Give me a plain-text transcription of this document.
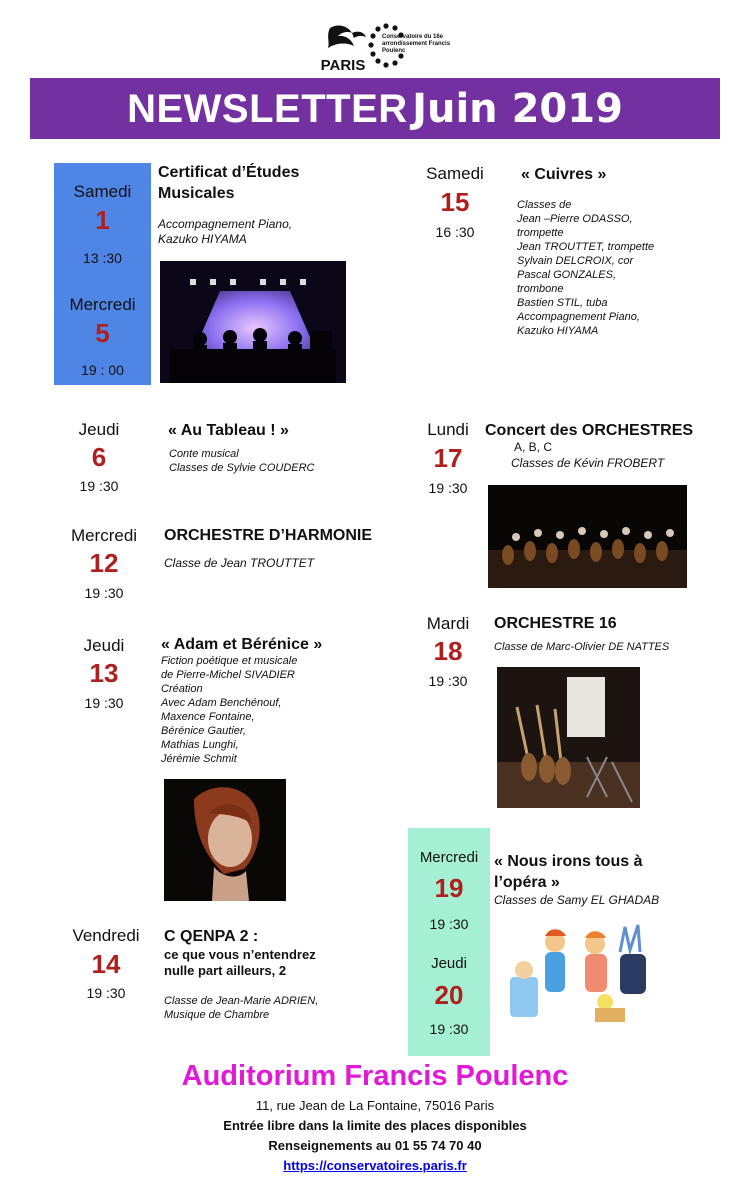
PARIS
Conservatoire du 16e arrondissement Francis Poulenc
NEWSLETTER Juin 2019
Samedi
1
13 :30
Mercredi
5
19 : 00
Certificat d’Études
Musicales
Accompagnement Piano,
Kazuko HIYAMA
Samedi
15
16 :30
« Cuivres »
Classes de
Jean –Pierre ODASSO,
trompette
Jean TROUTTET, trompette
Sylvain DELCROIX, cor
Pascal GONZALES,
trombone
Bastien STIL, tuba
Accompagnement Piano,
Kazuko HIYAMA
Jeudi
6
19 :30
« Au Tableau ! »
Conte musical
Classes de Sylvie COUDERC
Lundi
17
19 :30
Concert des ORCHESTRES
A, B, C
Classes de Kévin FROBERT
Mercredi
12
19 :30
ORCHESTRE D’HARMONIE
Classe de Jean TROUTTET
Mardi
18
19 :30
ORCHESTRE 16
Classe de Marc-Olivier DE NATTES
Jeudi
13
19 :30
« Adam et Bérénice »
Fiction poétique et musicale
de Pierre-Michel SIVADIER
Création
Avec Adam Benchénouf,
Maxence Fontaine,
Bérénice Gautier,
Mathias Lunghi,
Jérémie Schmit
Mercredi
19
19 :30
Jeudi
20
19 :30
« Nous irons tous à
l’opéra »
Classes de Samy EL GHADAB
Vendredi
14
19 :30
C QENPA 2 :
ce que vous n’entendrez
nulle part ailleurs, 2
Classe de Jean-Marie ADRIEN,
Musique de Chambre
Auditorium Francis Poulenc
11, rue Jean de La Fontaine, 75016 Paris
Entrée libre dans la limite des places disponibles
Renseignements au 01 55 74 70 40
https://conservatoires.paris.fr
